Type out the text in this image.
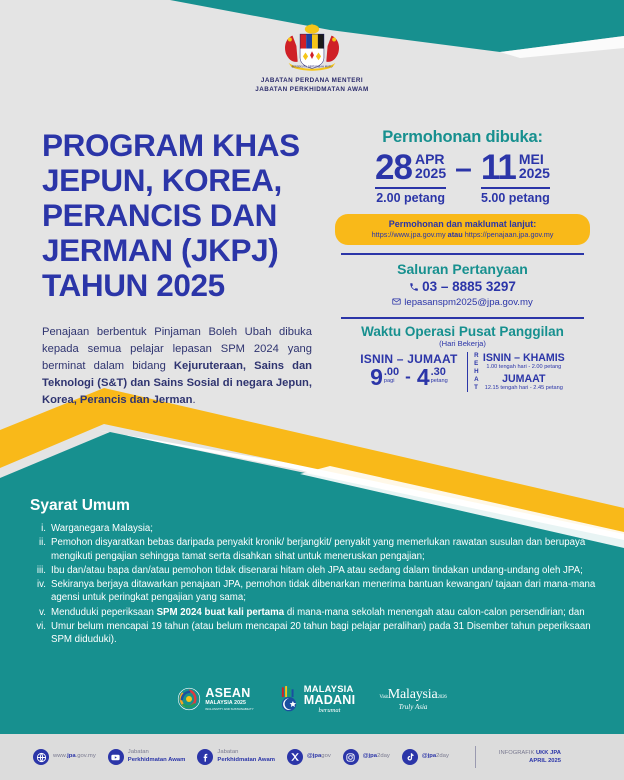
BERSEKUTU BERTAMBAH MUTU
JABATAN PERDANA MENTERI
JABATAN PERKHIDMATAN AWAM
PROGRAM KHAS
JEPUN, KOREA,
PERANCIS DAN
JERMAN (JKPJ)
TAHUN 2025

Penajaan berbentuk Pinjaman Boleh Ubah dibuka kepada semua pelajar lepasan SPM 2024 yang berminat dalam bidang Kejuruteraan, Sains dan Teknologi (S&T) dan Sains Sosial di negara Jepun, Korea, Perancis dan Jerman.

Permohonan dibuka:
28 APR
2025
2.00 petang
– 11 MEI
2025
5.00 petang
Permohonan dan maklumat lanjut:
https://www.jpa.gov.my atau https://penajaan.jpa.gov.my
Saluran Pertanyaan
03 – 8885 3297
lepasanspm2025@jpa.gov.my
Waktu Operasi Pusat Panggilan
(Hari Bekerja)
ISNIN – JUMAAT
9 .00
pagi - 4 .30
petang
R
E
H
A
T
ISNIN – KHAMIS
1.00 tengah hari - 2.00 petang
JUMAAT
12.15 tengah hari - 2.45 petang
Syarat Umum
i. Warganegara Malaysia;
ii. Pemohon disyaratkan bebas daripada penyakit kronik/ berjangkit/ penyakit yang memerlukan rawatan susulan dan berupaya mengikuti pengajian sehingga tamat serta disahkan sihat untuk meneruskan pengajian;
iii. Ibu dan/atau bapa dan/atau pemohon tidak disenarai hitam oleh JPA atau sedang dalam tindakan undang-undang oleh JPA;
iv. Sekiranya berjaya ditawarkan penajaan JPA, pemohon tidak dibenarkan menerima bantuan kewangan/ tajaan dari mana-mana agensi untuk peringkat pengajian yang sama;
v. Menduduki peperiksaan SPM 2024 buat kali pertama di mana-mana sekolah menengah atau calon-calon persendirian; dan
vi. Umur belum mencapai 19 tahun (atau belum mencapai 20 tahun bagi pelajar peralihan) pada 31 Disember tahun peperiksaan SPM diduduki).
ASEAN
MALAYSIA 2025
INCLUSIVITY AND SUSTAINABILITY
MALAYSIA
MADANI
berumat
VisitMalaysia2026
Truly Asia
www.jpa.gov.my
Jabatan
Perkhidmatan Awam
Jabatan
Perkhidmatan Awam
@jpagov	@jpa2day	@jpa2day
INFOGRAFIK UKK JPA
APRIL 2025
